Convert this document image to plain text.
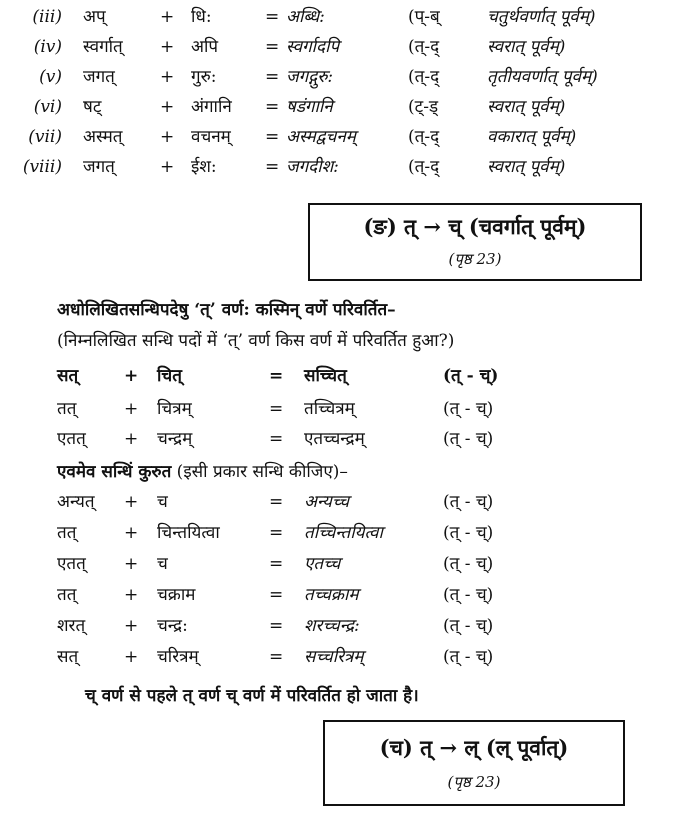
(iii) अप्	+ धि:	= अब्धि:	(प्-ब्	चतुर्थवर्णात् पूर्वम्)
(iv) स्वर्गात् + अपि	= स्वर्गादपि	(त्-द्	स्वरात् पूर्वम्)
(v) जगत्	+ गुरु:	= जगद्गुरु:	(त्-द्	तृतीयवर्णात् पूर्वम्)
(vi) षट्	+ अंगानि = षडंगानि	(ट्-ड्	स्वरात् पूर्वम्)
(vii) अस्मत् + वचनम् = अस्मद्वचनम्	(त्-द्	वकारात् पूर्वम्)
(viii) जगत्	+ ईश:	= जगदीश:	(त्-द्	स्वरात् पूर्वम्)
(ङ) त् → च् (चवर्गात् पूर्वम्)
(पृष्ठ 23)
अधोलिखितसन्धिपदेषु ‘त्’ वर्ण: कस्मिन् वर्णे परिवर्तित–
(निम्नलिखित सन्धि पदों में ‘त्’ वर्ण किस वर्ण में परिवर्तित हुआ?)
सत्	+ चित्	= सच्चित्	(त् - च्)
तत्	+ चित्रम्	= तच्चित्रम्	(त् - च्)
एतत् + चन्द्रम्	= एतच्चन्द्रम्	(त् - च्)
एवमेव सन्धिं कुरुत (इसी प्रकार सन्धि कीजिए)–
अन्यत् + च	= अन्यच्च	(त् - च्)
तत्	+ चिन्तयित्वा	= तच्चिन्तयित्वा	(त् - च्)
एतत् + च	= एतच्च	(त् - च्)
तत्	+ चक्राम	= तच्चक्राम	(त् - च्)
शरत् + चन्द्र:	= शरच्चन्द्र:	(त् - च्)
सत्	+ चरित्रम्	= सच्चरित्रम्	(त् - च्)
च् वर्ण से पहले त् वर्ण च् वर्ण में परिवर्तित हो जाता है।
(च) त् → ल् (ल् पूर्वात्)
(पृष्ठ 23)
